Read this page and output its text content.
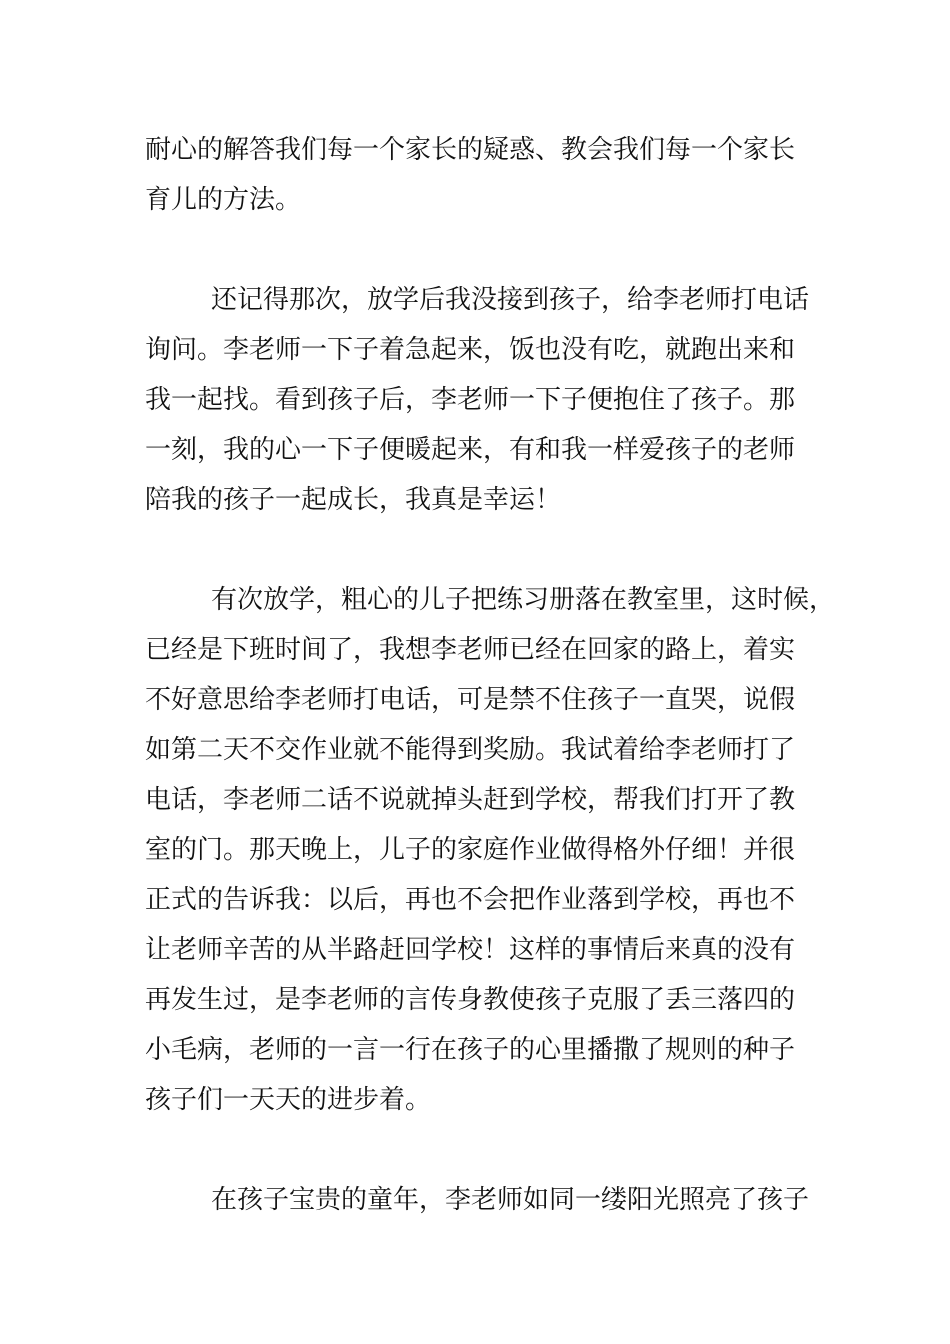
耐心的解答我们每一个家长的疑惑、教会我们每一个家长

育儿的方法。

还记得那次，放学后我没接到孩子，给李老师打电话

询问。李老师一下子着急起来，饭也没有吃，就跑出来和

我一起找。看到孩子后，李老师一下子便抱住了孩子。那

一刻，我的心一下子便暖起来，有和我一样爱孩子的老师

陪我的孩子一起成长，我真是幸运！

有次放学，粗心的儿子把练习册落在教室里，这时候，

已经是下班时间了，我想李老师已经在回家的路上，着实

不好意思给李老师打电话，可是禁不住孩子一直哭，说假

如第二天不交作业就不能得到奖励。我试着给李老师打了

电话，李老师二话不说就掉头赶到学校，帮我们打开了教

室的门。那天晚上，儿子的家庭作业做得格外仔细！并很

正式的告诉我：以后，再也不会把作业落到学校，再也不

让老师辛苦的从半路赶回学校！这样的事情后来真的没有

再发生过，是李老师的言传身教使孩子克服了丢三落四的

小毛病，老师的一言一行在孩子的心里播撒了规则的种子

孩子们一天天的进步着。

在孩子宝贵的童年，李老师如同一缕阳光照亮了孩子
